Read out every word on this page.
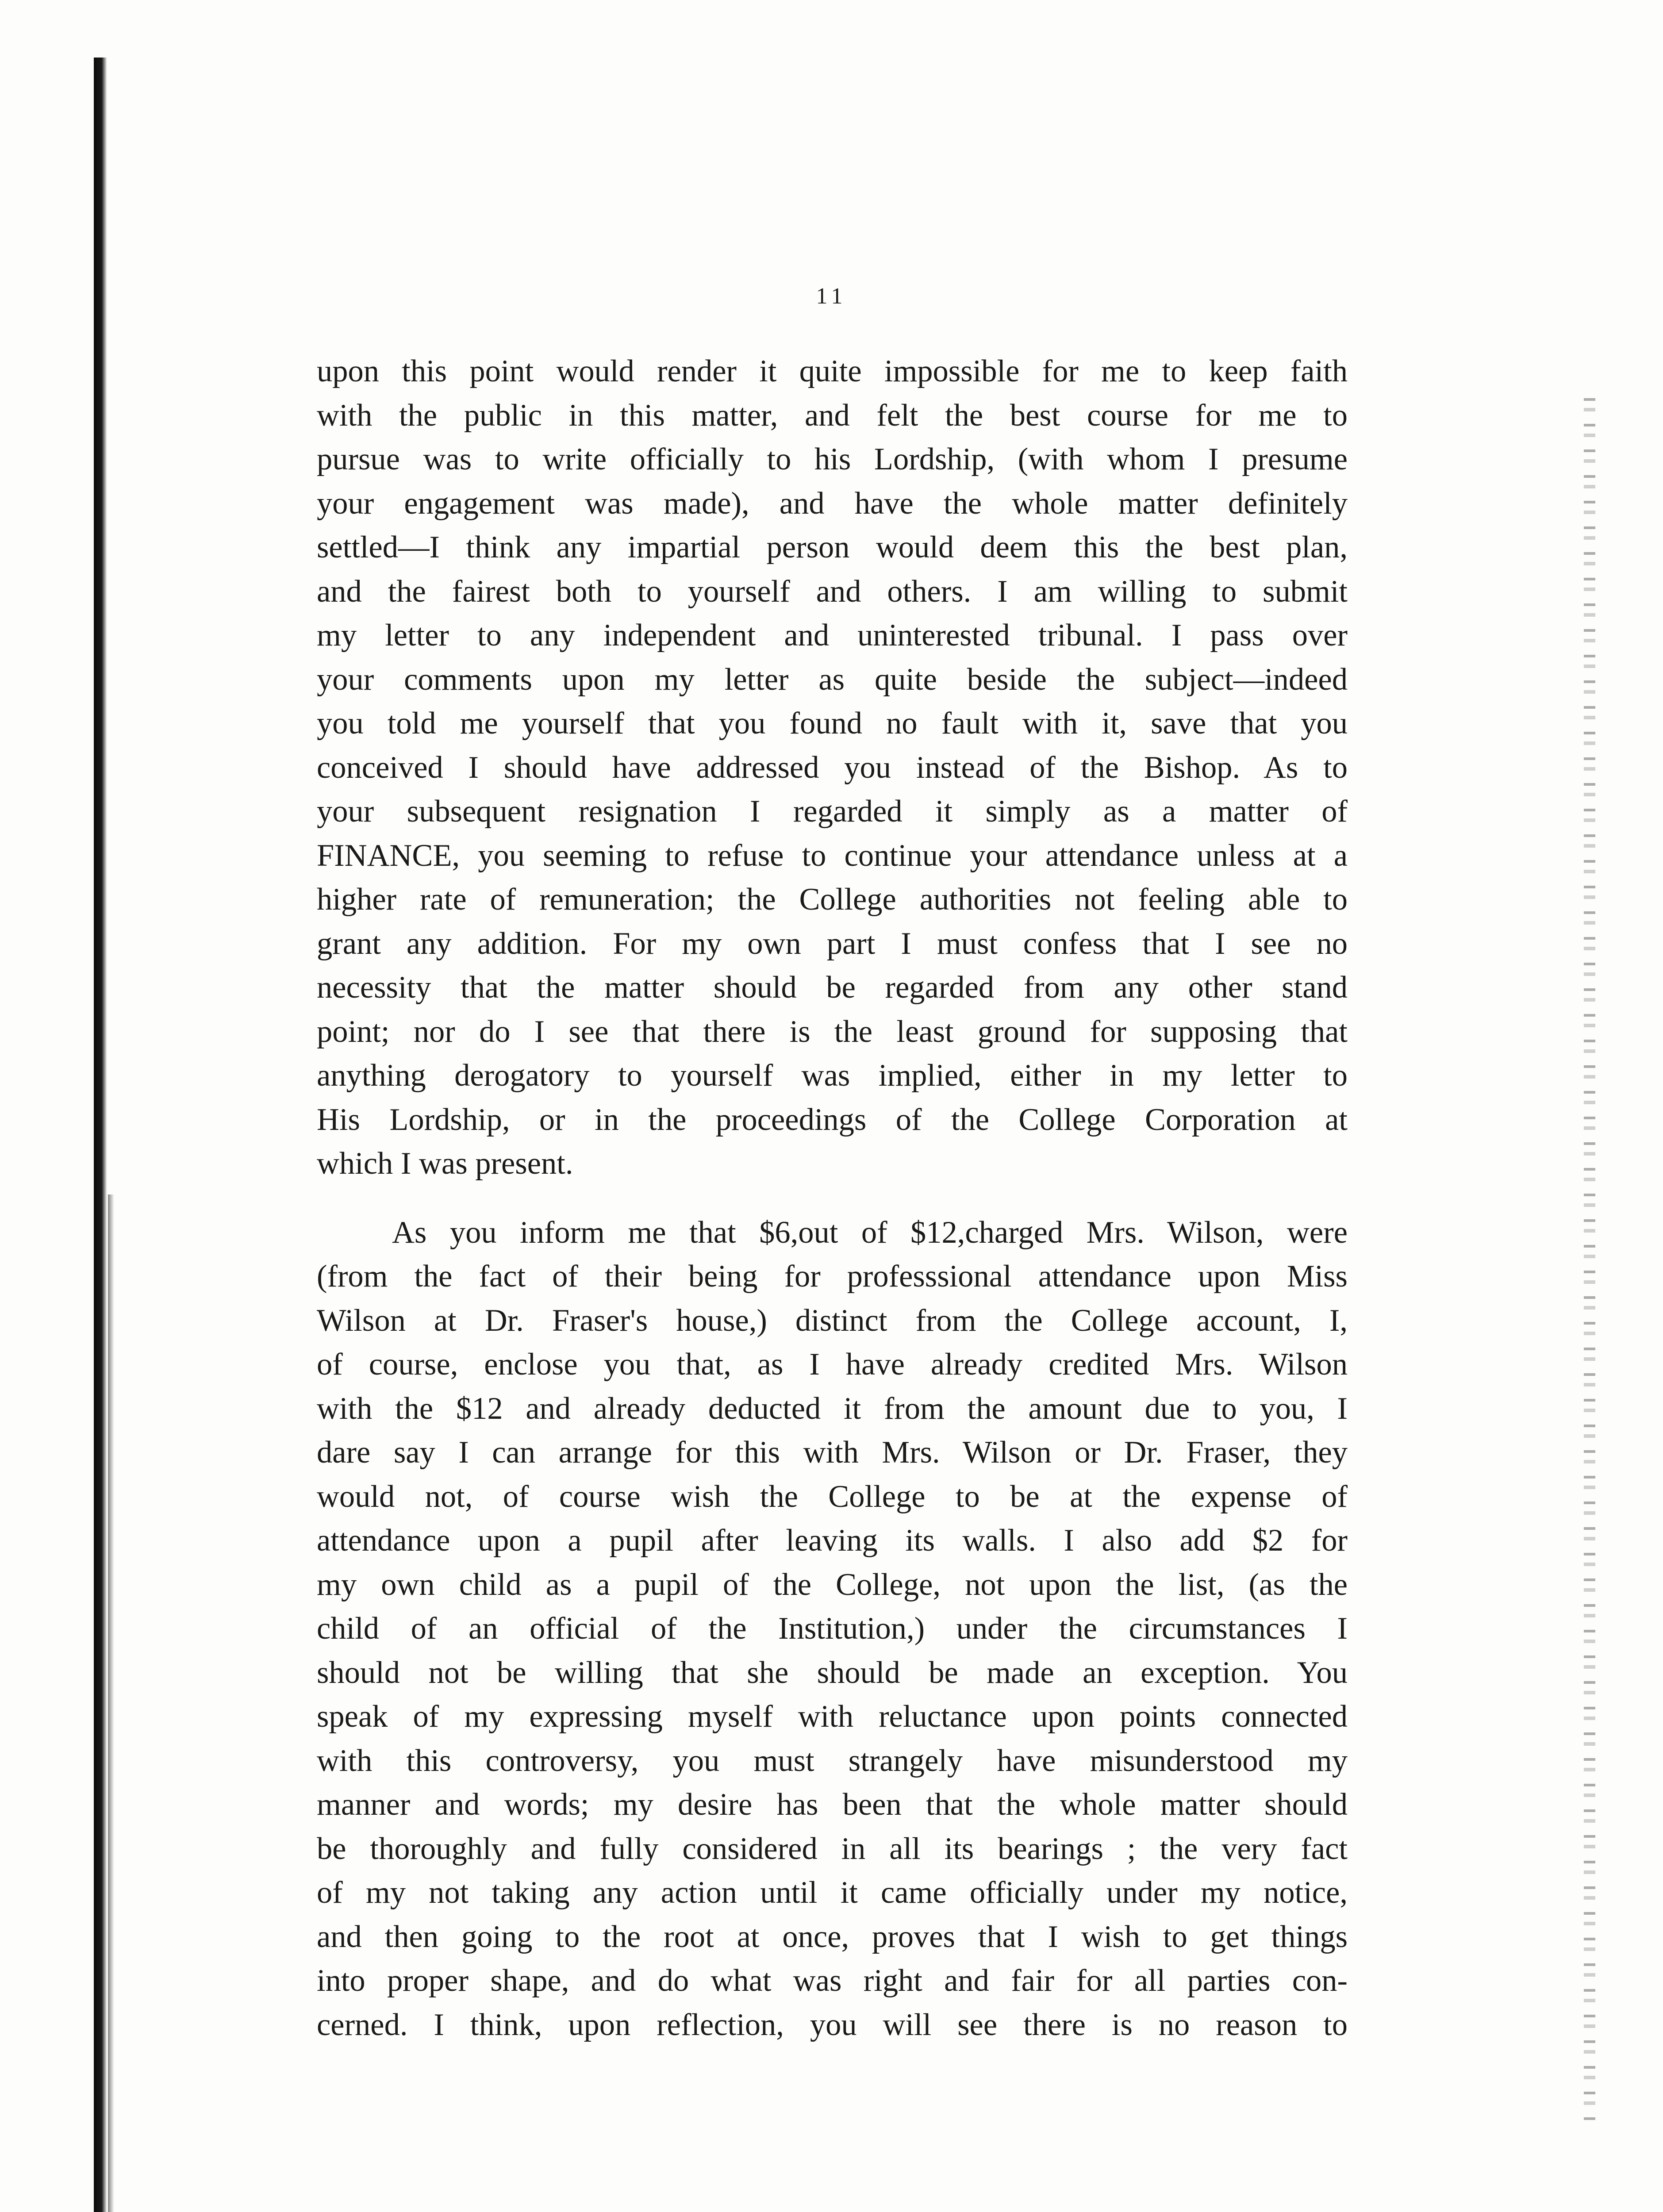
11

upon this point would render it quite impossible for me to keep faith
with the public in this matter, and felt the best course for me to
pursue was to write officially to his Lordship, (with whom I presume
your engagement was made), and have the whole matter definitely
settled—I think any impartial person would deem this the best plan,
and the fairest both to yourself and others. I am willing to submit
my letter to any independent and uninterested tribunal. I pass over
your comments upon my letter as quite beside the subject—indeed
you told me yourself that you found no fault with it, save that you
conceived I should have addressed you instead of the Bishop. As to
your subsequent resignation I regarded it simply as a matter of
FINANCE, you seeming to refuse to continue your attendance unless at a
higher rate of remuneration; the College authorities not feeling able to
grant any addition. For my own part I must confess that I see no
necessity that the matter should be regarded from any other stand
point; nor do I see that there is the least ground for supposing that
anything derogatory to yourself was implied, either in my letter to
His Lordship, or in the proceedings of the College Corporation at
which I was present.

As you inform me that $6,out of $12,charged Mrs. Wilson, were
(from the fact of their being for professsional attendance upon Miss
Wilson at Dr. Fraser's house,) distinct from the College account, I,
of course, enclose you that, as I have already credited Mrs. Wilson
with the $12 and already deducted it from the amount due to you, I
dare say I can arrange for this with Mrs. Wilson or Dr. Fraser, they
would not, of course wish the College to be at the expense of
attendance upon a pupil after leaving its walls. I also add $2 for
my own child as a pupil of the College, not upon the list, (as the
child of an official of the Institution,) under the circumstances I
should not be willing that she should be made an exception. You
speak of my expressing myself with reluctance upon points connected
with this controversy, you must strangely have misunderstood my
manner and words; my desire has been that the whole matter should
be thoroughly and fully considered in all its bearings ; the very fact
of my not taking any action until it came officially under my notice,
and then going to the root at once, proves that I wish to get things
into proper shape, and do what was right and fair for all parties con-
cerned. I think, upon reflection, you will see there is no reason to
